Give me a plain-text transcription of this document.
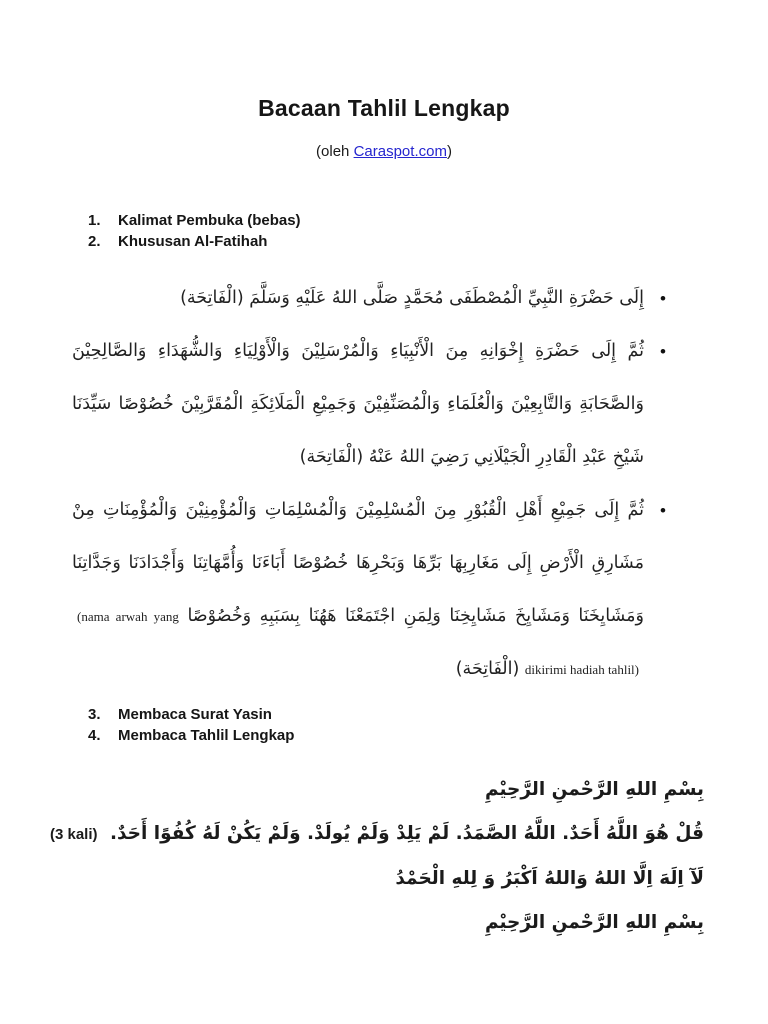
Bacaan Tahlil Lengkap
(oleh Caraspot.com)
1.	Kalimat Pembuka (bebas)
2.	Khususan Al-Fatihah
•
إِلَى حَضْرَةِ النَّبِيِّ الْمُصْطَفَى مُحَمَّدٍ صَلَّى اللهُ عَلَيْهِ وَسَلَّمَ (الْفَاتِحَة)
•
ثُمَّ إِلَى حَضْرَةِ إِخْوَانِهِ مِنَ الْأَنْبِيَاءِ وَالْمُرْسَلِيْنَ وَالْأَوْلِيَاءِ وَالشُّهَدَاءِ وَالصَّالِحِيْنَ وَالصَّحَابَةِ وَالتَّابِعِيْنَ وَالْعُلَمَاءِ وَالْمُصَنِّفِيْنَ وَجَمِيْعِ الْمَلَائِكَةِ الْمُقَرَّبِيْنَ خُصُوْصًا سَيِّدَنَا شَيْخِ عَبْدِ الْقَادِرِ الْجَيْلَانِي رَضِيَ اللهُ عَنْهُ (الْفَاتِحَة)
•
ثُمَّ إِلَى جَمِيْعِ أَهْلِ الْقُبُوْرِ مِنَ الْمُسْلِمِيْنَ وَالْمُسْلِمَاتِ وَالْمُؤْمِنِيْنَ وَالْمُؤْمِنَاتِ مِنْ مَشَارِقِ الْأَرْضِ إِلَى مَغَارِبِهَا بَرِّهَا وَبَحْرِهَا خُصُوْصًا أَبَاءَنَا وَأُمَّهَاتِنَا وَأَجْدَادَنَا وَجَدَّاتِنَا وَمَشَايِخَنَا وَمَشَايِخَ مَشَايِخِنَا وَلِمَنِ اجْتَمَعْنَا هَهُنَا بِسَبَبِهِ وَخُصُوْصًا (nama arwah yang dikirimi hadiah tahlil) (الْفَاتِحَة)
3.	Membaca Surat Yasin
4.	Membaca Tahlil Lengkap
بِسْمِ اللهِ الرَّحْمنِ الرَّحِيْمِ
قُلْ هُوَ اللَّهُ أَحَدٌ. اللَّهُ الصَّمَدُ. لَمْ يَلِدْ وَلَمْ يُولَدْ. وَلَمْ يَكُنْ لَهُ كُفُوًا أَحَدٌ. (3 kali)
لَآ اِلَهَ اِلَّا اللهُ وَاللهُ اَكْبَرُ وَ لِلهِ الْحَمْدُ
بِسْمِ اللهِ الرَّحْمنِ الرَّحِيْمِ
